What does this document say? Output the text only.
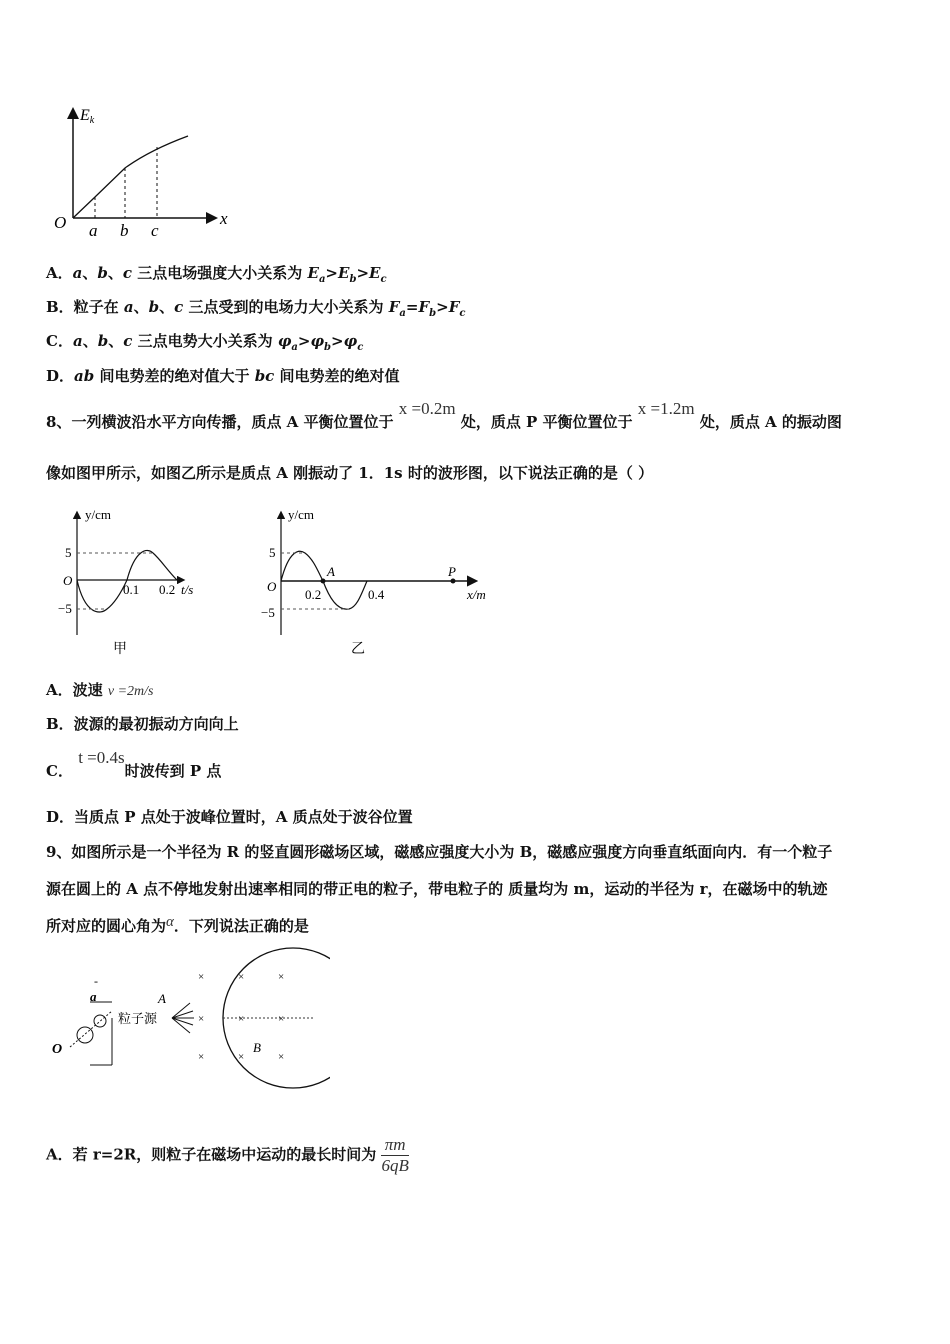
Ek
x
O a b c
A．a、b、c 三点电场强度大小关系为 $E_a>E_b>E_c$
B．粒子在 a、b、c 三点受到的电场力大小关系为 $F_a=F_b>F_c$
C．a、b、c 三点电势大小关系为 $\varphi_a>\varphi_b>\varphi_c$
D．ab 间电势差的绝对值大于 bc 间电势差的绝对值
8、一列横波沿水平方向传播，质点 A 平衡位置位于 x =0.2m 处，质点 P 平衡位置位于 x =1.2m 处，质点 A 的振动图
像如图甲所示，如图乙所示是质点 A 刚振动了 1．1s 时的波形图，以下说法正确的是（ ）
y/cm
5
−5
O
0.1 0.2 t/s
甲
y/cm
5
−5
O
A	P
0.2	0.4	x/m
乙
A．波速 v =2m/s
B．波源的最初振动方向向上
C． t =0.4s时波传到 P 点
D．当质点 P 点处于波峰位置时，A 质点处于波谷位置
9、如图所示是一个半径为 R 的竖直圆形磁场区域，磁感应强度大小为 B，磁感应强度方向垂直纸面向内．有一个粒子
源在圆上的 A 点不停地发射出速率相同的带正电的粒子，带电粒子的 质量均为 m，运动的半径为 r，在磁场中的轨迹
所对应的圆心角为α．下列说法正确的是
×	×	×
×	×	×
×	×	×
A
B
粒子源
a
-
O
A．若 r=2R，则粒子在磁场中运动的最长时间为 $\frac{\pi m}{6qB}$
